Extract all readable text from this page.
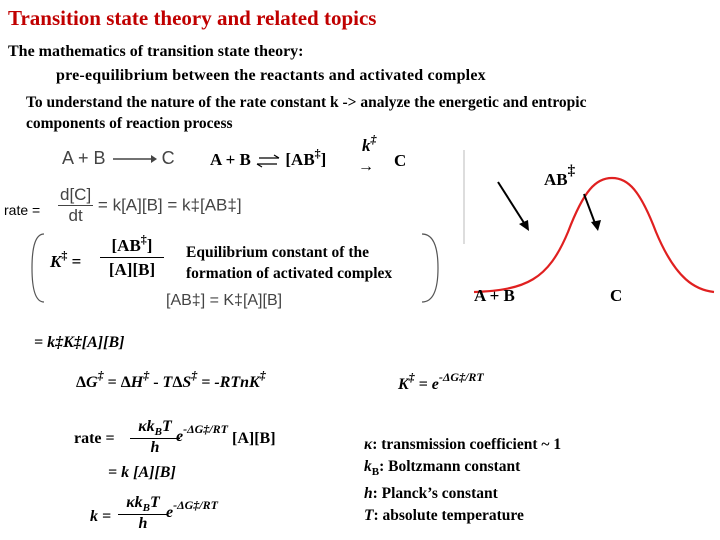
Transition state theory and related topics
The mathematics of transition state theory:
pre-equilibrium between the reactants and activated complex
To understand the nature of the rate constant k -> analyze the energetic and entropic
components of reaction process
A + B → C A + B ⇌ [AB‡]
k‡
→ C
rate = $\frac{d[C]}{dt} = k[A][B]$ = k‡[AB‡]
K‡ =
[AB‡]
[A][B]
Equilibrium constant of the
formation of activated complex
[AB‡] = K‡[A][B]
= k‡K‡[A][B]
ΔG‡ = ΔH‡ - TΔS‡ = -RTnK‡
$K^\ddagger = e^{-\Delta G\ddagger/RT}$
rate =
$\kappa k_BT$
h
$e^{-\Delta G\ddagger/RT}$
[A][B]
= k [A][B]
k =
$\kappa k_BT$
h
$e^{-\Delta G\ddagger/RT}$
κ: transmission coefficient ~ 1
$k_B$: Boltzmann constant
h: Planck’s constant
T: absolute temperature
AB‡
A + B	C
